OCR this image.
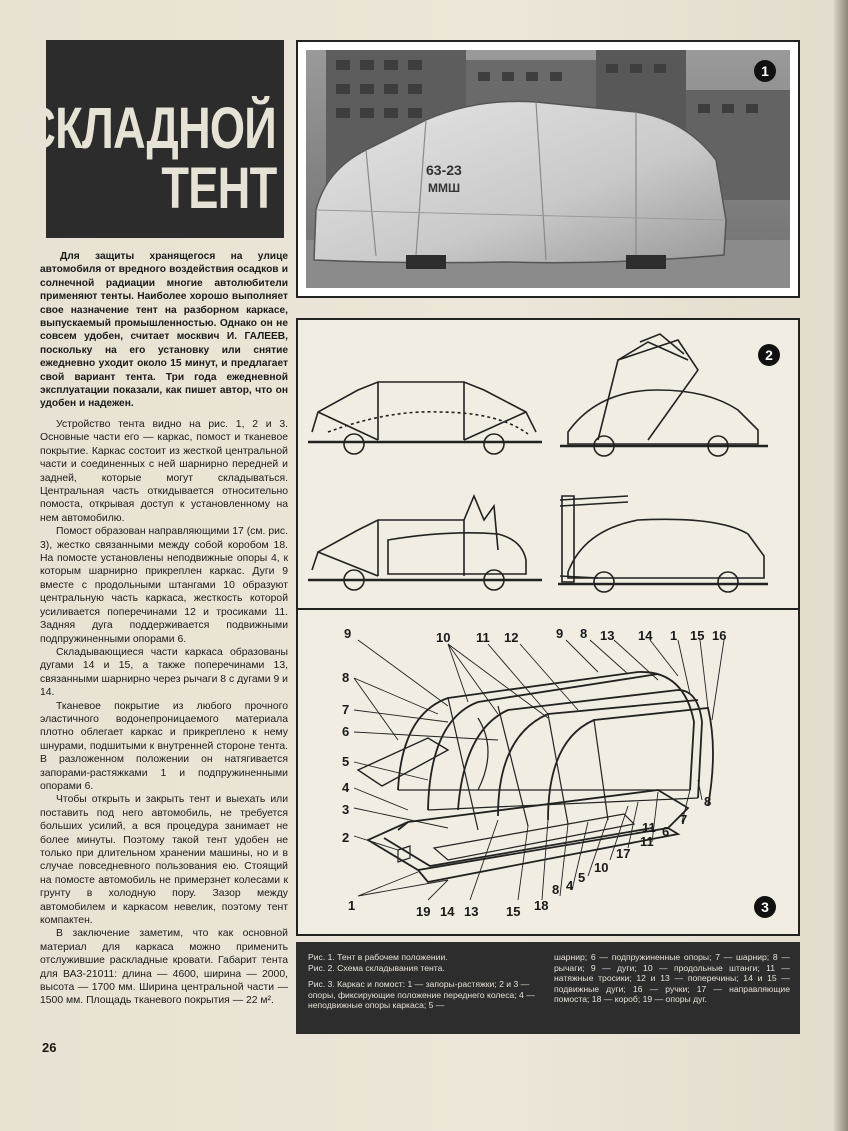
СКЛАДНОЙ
ТЕНТ
Для защиты хранящегося на улице автомобиля от вредного воздействия осадков и солнечной радиации многие автолюбители применяют тенты. Наиболее хорошо выполняет свое назначение тент на разборном каркасе, выпускаемый промышленностью. Однако он не совсем удобен, считает москвич И. ГАЛЕЕВ, поскольку на его установку или снятие ежедневно уходит около 15 минут, и предлагает свой вариант тента. Три года ежедневной эксплуатации показали, как пишет автор, что он удобен и надежен.

Устройство тента видно на рис. 1, 2 и 3. Основные части его — каркас, помост и тканевое покрытие. Каркас состоит из жесткой центральной части и соединенных с ней шарнирно передней и задней, которые могут складываться. Центральная часть откидывается относительно помоста, открывая доступ к установленному на нем автомобилю.

Помост образован направляющими 17 (см. рис. 3), жестко связанными между собой коробом 18. На помосте установлены неподвижные опоры 4, к которым шарнирно прикреплен каркас. Дуги 9 вместе с продольными штангами 10 образуют центральную часть каркаса, жесткость которой усиливается поперечинами 12 и тросиками 11. Задняя дуга поддерживается подвижными подпружиненными опорами 6.

Складывающиеся части каркаса образованы дугами 14 и 15, а также поперечинами 13, связанными шарнирно через рычаги 8 с дугами 9 и 14.

Тканевое покрытие из любого прочного эластичного водонепроницаемого материала плотно облегает каркас и прикреплено к нему шнурами, подшитыми к внутренней стороне тента. В разложенном положении он натягивается запорами-растяжками 1 и подпружиненными опорами 6.

Чтобы открыть и закрыть тент и выехать или поставить под него автомобиль, не требуется больших усилий, а вся процедура занимает не более минуты. Поэтому такой тент удобен не только при длительном хранении машины, но и в случае повседневного пользования ею. Стоящий на помосте автомобиль не примерзнет колесами к грунту в холодную пору. Зазор между автомобилем и каркасом невелик, поэтому тент компактен.

В заключение заметим, что как основной материал для каркаса можно применить отслужившие раскладные кровати. Габарит тента для ВАЗ-21011: длина — 4600, ширина — 2000, высота — 1700 мм. Ширина центральной части — 1500 мм. Площадь тканевого покрытия — 22 м².

26
63-23
ММШ
1
2
9	10 11 12	9 8 13 14 1 15 16
8
7
6
5
4
3
2
1	19 14 13 15 18
8 4
5
10
17
11
8
7
6
11
3
Рис. 1. Тент в рабочем положении.
Рис. 2. Схема складывания тента.
Рис. 3. Каркас и помост: 1 — запоры-растяжки; 2 и 3 — опоры, фиксирующие положение переднего колеса; 4 — неподвижные опоры каркаса; 5 —
шарнир; 6 — подпружиненные опоры; 7 — шарнир; 8 — рычаги; 9 — дуги; 10 — продольные штанги; 11 — натяжные тросики; 12 и 13 — поперечины; 14 и 15 — подвижные дуги; 16 — ручки; 17 — направляющие помоста; 18 — короб; 19 — опоры дуг.
